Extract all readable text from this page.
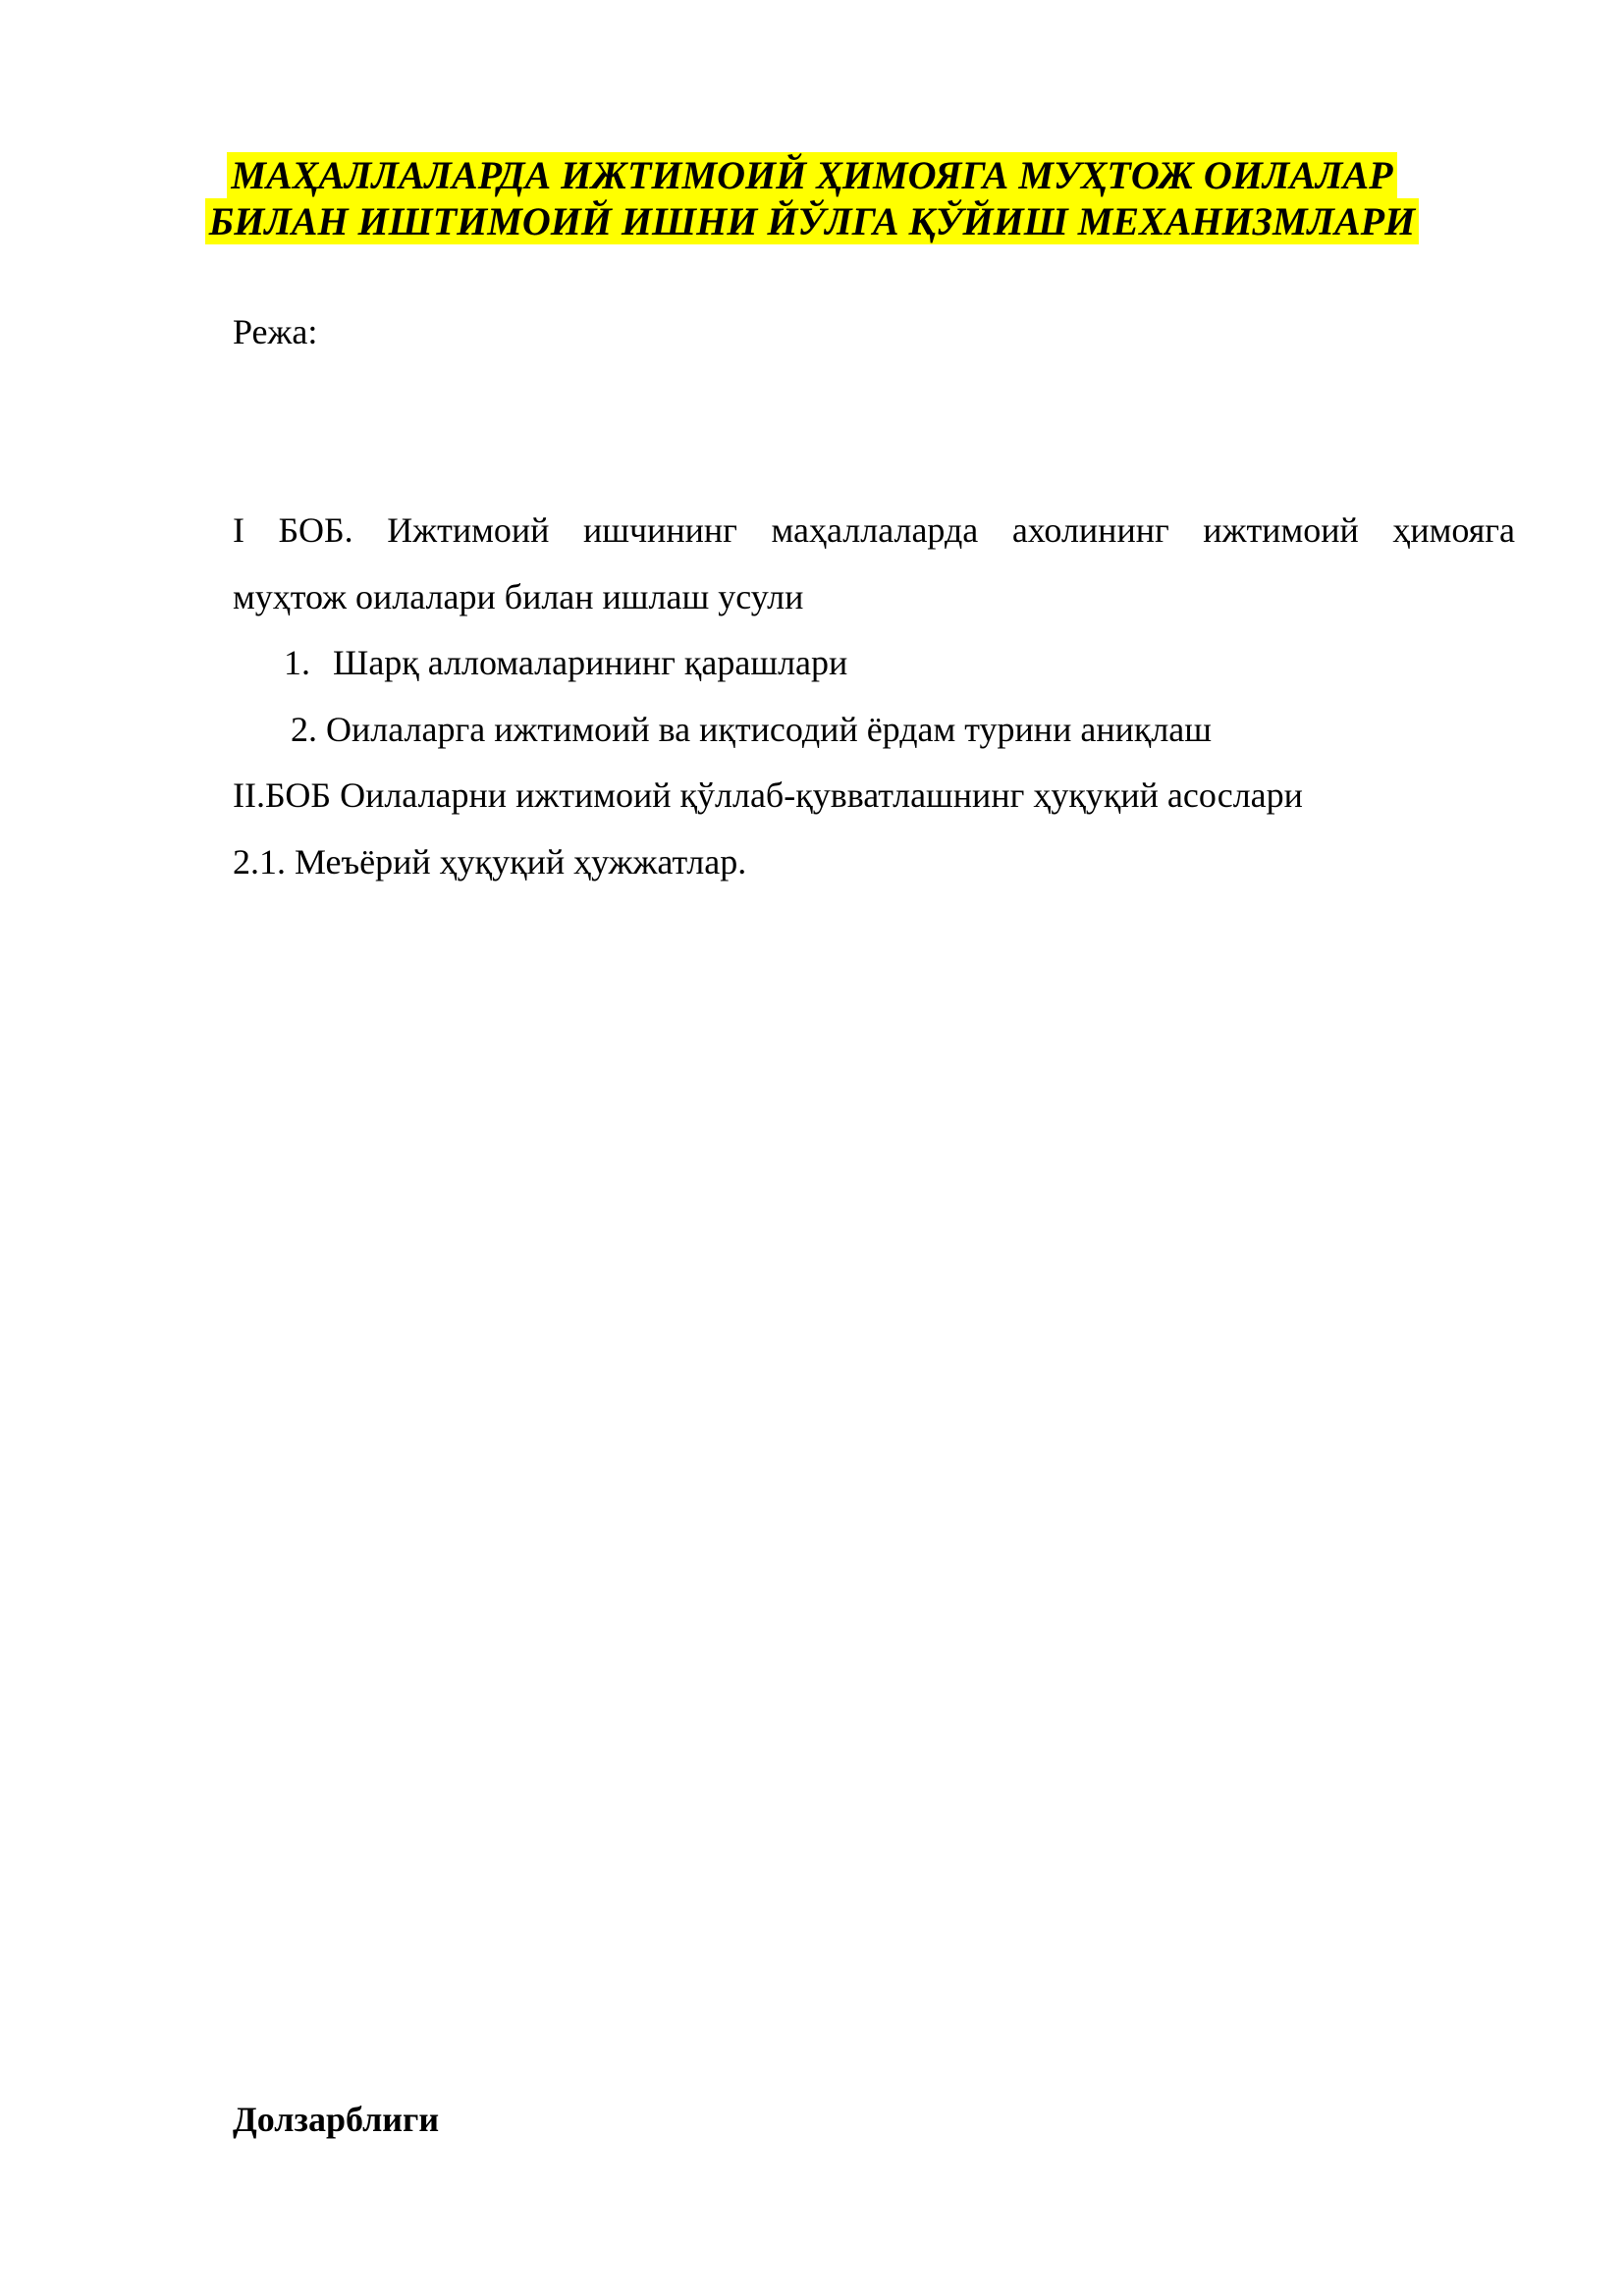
МАҲАЛЛАЛАРДА ИЖТИМОИЙ ҲИМОЯГА МУҲТОЖ ОИЛАЛАР
БИЛАН ИШТИМОИЙ ИШНИ ЙЎЛГА ҚЎЙИШ МЕХАНИЗМЛАРИ
Режа:
I БОБ. Ижтимоий ишчининг маҳаллаларда ахолининг ижтимоий ҳимояга
муҳтож оилалари билан ишлаш усули
1. Шарқ алломаларининг қарашлари
2. Оилаларга ижтимоий ва иқтисодий ёрдам турини аниқлаш
II.БОБ Оилаларни ижтимоий қўллаб-қувватлашнинг ҳуқуқий асослари
2.1. Меъёрий ҳуқуқий ҳужжатлар.
Долзарблиги
